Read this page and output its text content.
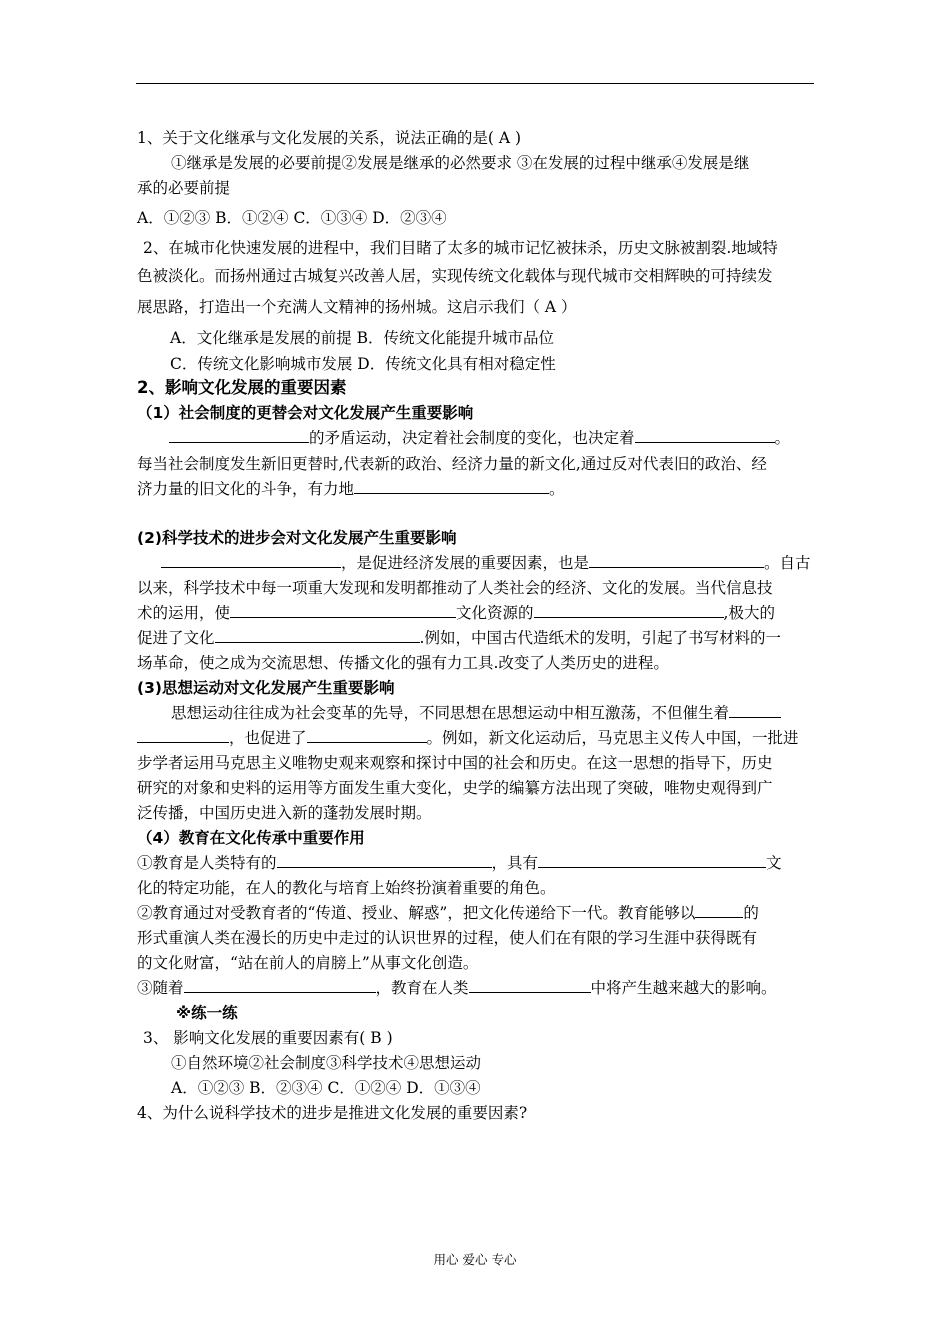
1、关于文化继承与文化发展的关系，说法正确的是( A )
①继承是发展的必要前提②发展是继承的必然要求 ③在发展的过程中继承④发展是继
承的必要前提
A．①②③ B．①②④ C．①③④ D．②③④
2、在城市化快速发展的进程中，我们目睹了太多的城市记忆被抹杀，历史文脉被割裂.地域特
色被淡化。而扬州通过古城复兴改善人居，实现传统文化载体与现代城市交相辉映的可持续发
展思路，打造出一个充满人文精神的扬州城。这启示我们（ A ）
A．文化继承是发展的前提 B．传统文化能提升城市品位
C．传统文化影响城市发展 D．传统文化具有相对稳定性
2、影响文化发展的重要因素
（1）社会制度的更替会对文化发展产生重要影响
的矛盾运动，决定着社会制度的变化，也决定着	。
每当社会制度发生新旧更替时,代表新的政治、经济力量的新文化,通过反对代表旧的政治、经
济力量的旧文化的斗争，有力地	。
(2)科学技术的进步会对文化发展产生重要影响
，是促进经济发展的重要因素，也是	。自古
以来，科学技术中每一项重大发现和发明都推动了人类社会的经济、文化的发展。当代信息技
术的运用，使	文化资源的	,极大的
促进了文化	.例如，中国古代造纸术的发明，引起了书写材料的一
场革命，使之成为交流思想、传播文化的强有力工具.改变了人类历史的进程。
(3)思想运动对文化发展产生重要影响
思想运动往往成为社会变革的先导，不同思想在思想运动中相互激荡，不但催生着
，也促进了	。例如，新文化运动后，马克思主义传人中国，一批进
步学者运用马克思主义唯物史观来观察和探讨中国的社会和历史。在这一思想的指导下，历史
研究的对象和史料的运用等方面发生重大变化，史学的编纂方法出现了突破，唯物史观得到广
泛传播，中国历史进入新的蓬勃发展时期。
（4）教育在文化传承中重要作用
①教育是人类特有的	，具有	文
化的特定功能，在人的教化与培育上始终扮演着重要的角色。
②教育通过对受教育者的“传道、授业、解惑”，把文化传递给下一代。教育能够以	的
形式重演人类在漫长的历史中走过的认识世界的过程，使人们在有限的学习生涯中获得既有
的文化财富，“站在前人的肩膀上”从事文化创造。
③随着	，教育在人类	中将产生越来越大的影响。
※练一练
3、 影响文化发展的重要因素有( B )
①自然环境②社会制度③科学技术④思想运动
A．①②③ B．②③④ C．①②④ D．①③④
4、为什么说科学技术的进步是推进文化发展的重要因素?
用心 爱心 专心
